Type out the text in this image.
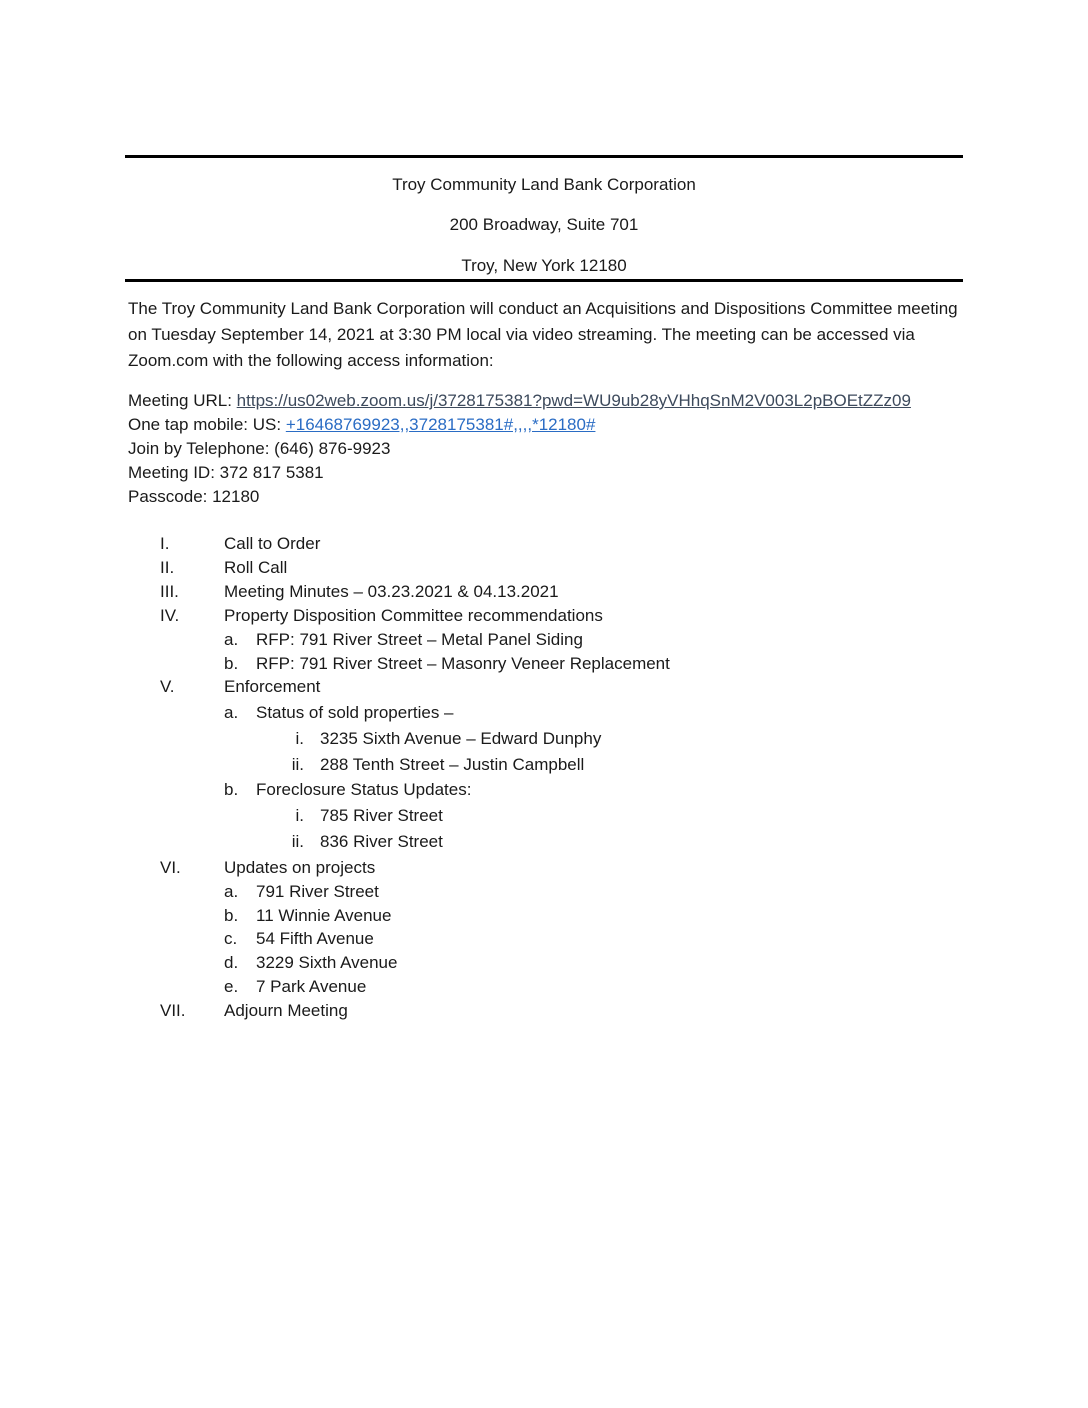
Troy Community Land Bank Corporation
200 Broadway, Suite 701
Troy, New York 12180
The Troy Community Land Bank Corporation will conduct an Acquisitions and Dispositions Committee meeting on Tuesday September 14, 2021 at 3:30 PM local via video streaming. The meeting can be accessed via Zoom.com with the following access information:
Meeting URL: https://us02web.zoom.us/j/3728175381?pwd=WU9ub28yVHhqSnM2V003L2pBOEtZZz09
One tap mobile: US: +16468769923,,3728175381#,,,,*12180#
Join by Telephone: (646) 876-9923
Meeting ID: 372 817 5381
Passcode: 12180
I.	Call to Order
II.	Roll Call
III.	Meeting Minutes – 03.23.2021 & 04.13.2021
IV.	Property Disposition Committee recommendations
a. RFP: 791 River Street – Metal Panel Siding
b. RFP: 791 River Street – Masonry Veneer Replacement
V.	Enforcement
a. Status of sold properties –
i. 3235 Sixth Avenue – Edward Dunphy
ii. 288 Tenth Street – Justin Campbell
b. Foreclosure Status Updates:
i. 785 River Street
ii. 836 River Street
VI.	Updates on projects
a. 791 River Street
b. 11 Winnie Avenue
c. 54 Fifth Avenue
d. 3229 Sixth Avenue
e. 7 Park Avenue
VII. Adjourn Meeting
